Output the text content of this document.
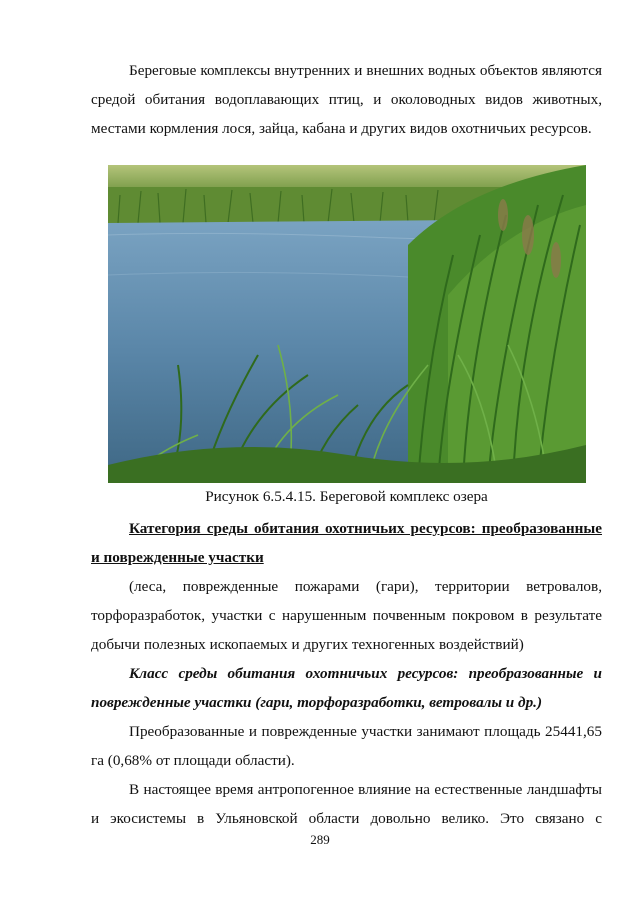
Береговые комплексы внутренних и внешних водных объектов являются

средой обитания водоплавающих птиц, и околоводных видов животных,

местами кормления лося, зайца, кабана и других видов охотничьих ресурсов.

Рисунок 6.5.4.15. Береговой комплекс озера

Категория среды обитания охотничьих ресурсов: преобразованные

и поврежденные участки

(леса, поврежденные пожарами (гари), территории ветровалов,

торфоразработок, участки с нарушенным почвенным покровом в результате

добычи полезных ископаемых и других техногенных воздействий)

Класс среды обитания охотничьих ресурсов: преобразованные и

поврежденные участки (гари, торфоразработки, ветровалы и др.)

Преобразованные и поврежденные участки занимают площадь 25441,65

га (0,68% от площади области).

В настоящее время антропогенное влияние на естественные ландшафты

и экосистемы в Ульяновской области довольно велико. Это связано с

289
